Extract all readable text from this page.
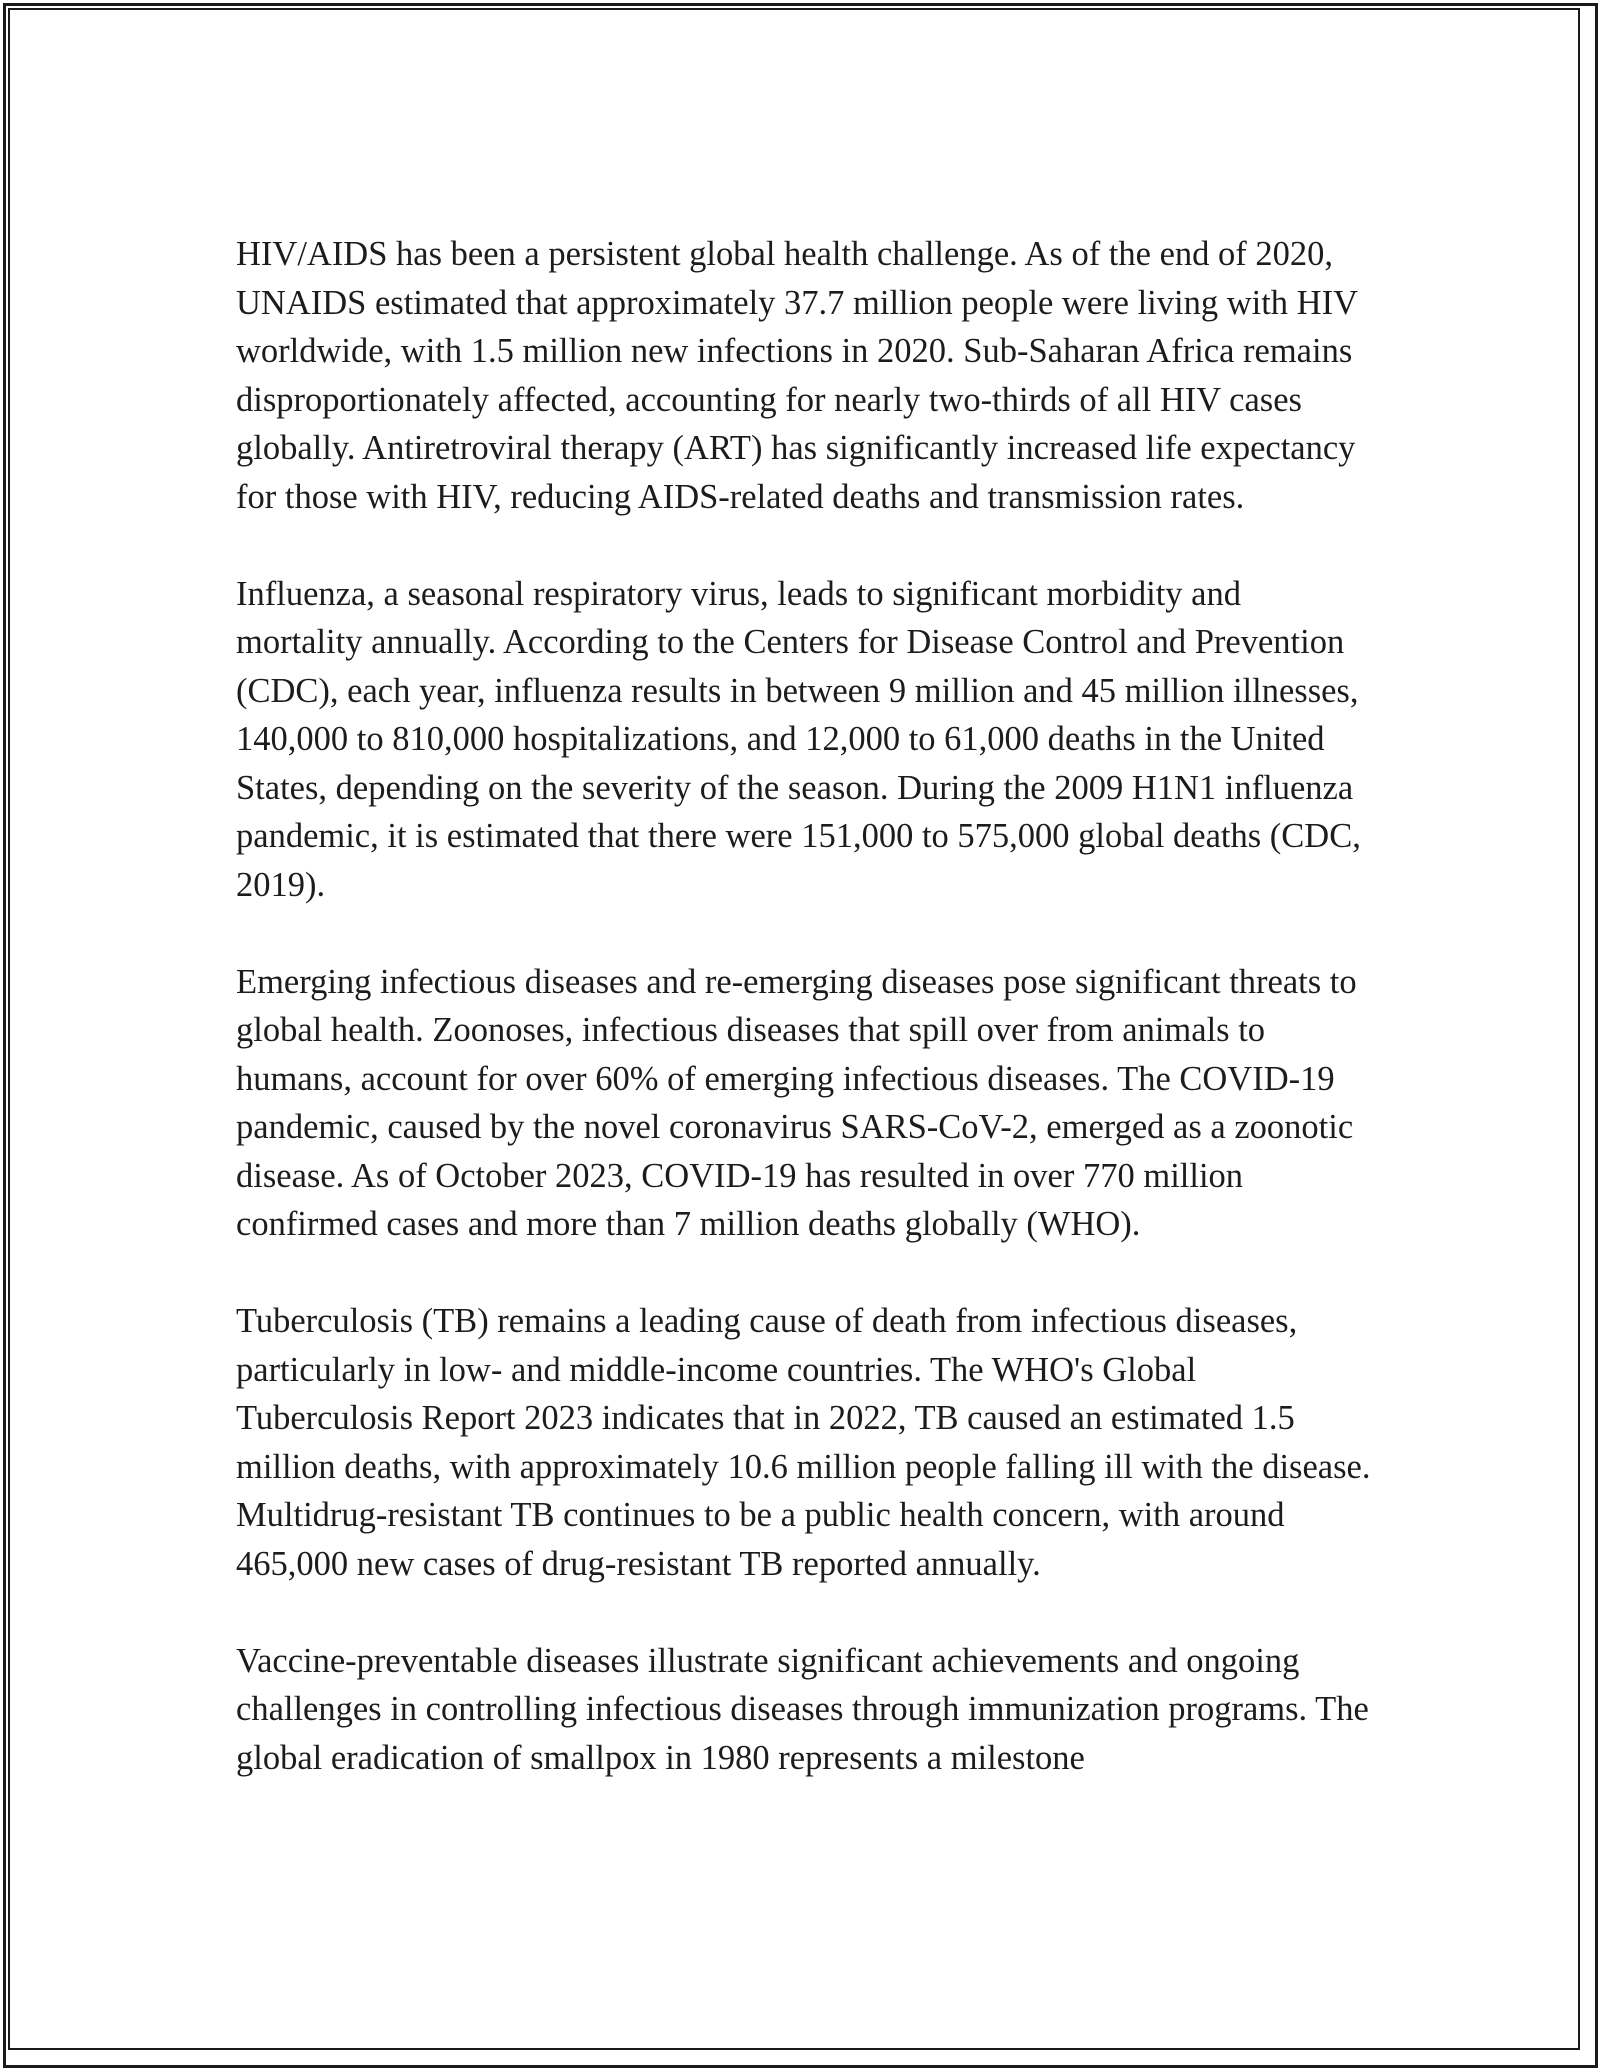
HIV/AIDS has been a persistent global health challenge. As of the end of 2020, UNAIDS estimated that approximately 37.7 million people were living with HIV worldwide, with 1.5 million new infections in 2020. Sub-Saharan Africa remains disproportionately affected, accounting for nearly two-thirds of all HIV cases globally. Antiretroviral therapy (ART) has significantly increased life expectancy for those with HIV, reducing AIDS-related deaths and transmission rates.

Influenza, a seasonal respiratory virus, leads to significant morbidity and mortality annually. According to the Centers for Disease Control and Prevention (CDC), each year, influenza results in between 9 million and 45 million illnesses, 140,000 to 810,000 hospitalizations, and 12,000 to 61,000 deaths in the United States, depending on the severity of the season. During the 2009 H1N1 influenza pandemic, it is estimated that there were 151,000 to 575,000 global deaths (CDC, 2019).

Emerging infectious diseases and re-emerging diseases pose significant threats to global health. Zoonoses, infectious diseases that spill over from animals to humans, account for over 60% of emerging infectious diseases. The COVID-19 pandemic, caused by the novel coronavirus SARS-CoV-2, emerged as a zoonotic disease. As of October 2023, COVID-19 has resulted in over 770 million confirmed cases and more than 7 million deaths globally (WHO).

Tuberculosis (TB) remains a leading cause of death from infectious diseases, particularly in low- and middle-income countries. The WHO's Global Tuberculosis Report 2023 indicates that in 2022, TB caused an estimated 1.5 million deaths, with approximately 10.6 million people falling ill with the disease. Multidrug-resistant TB continues to be a public health concern, with around 465,000 new cases of drug-resistant TB reported annually.

Vaccine-preventable diseases illustrate significant achievements and ongoing challenges in controlling infectious diseases through immunization programs. The global eradication of smallpox in 1980 represents a milestone
